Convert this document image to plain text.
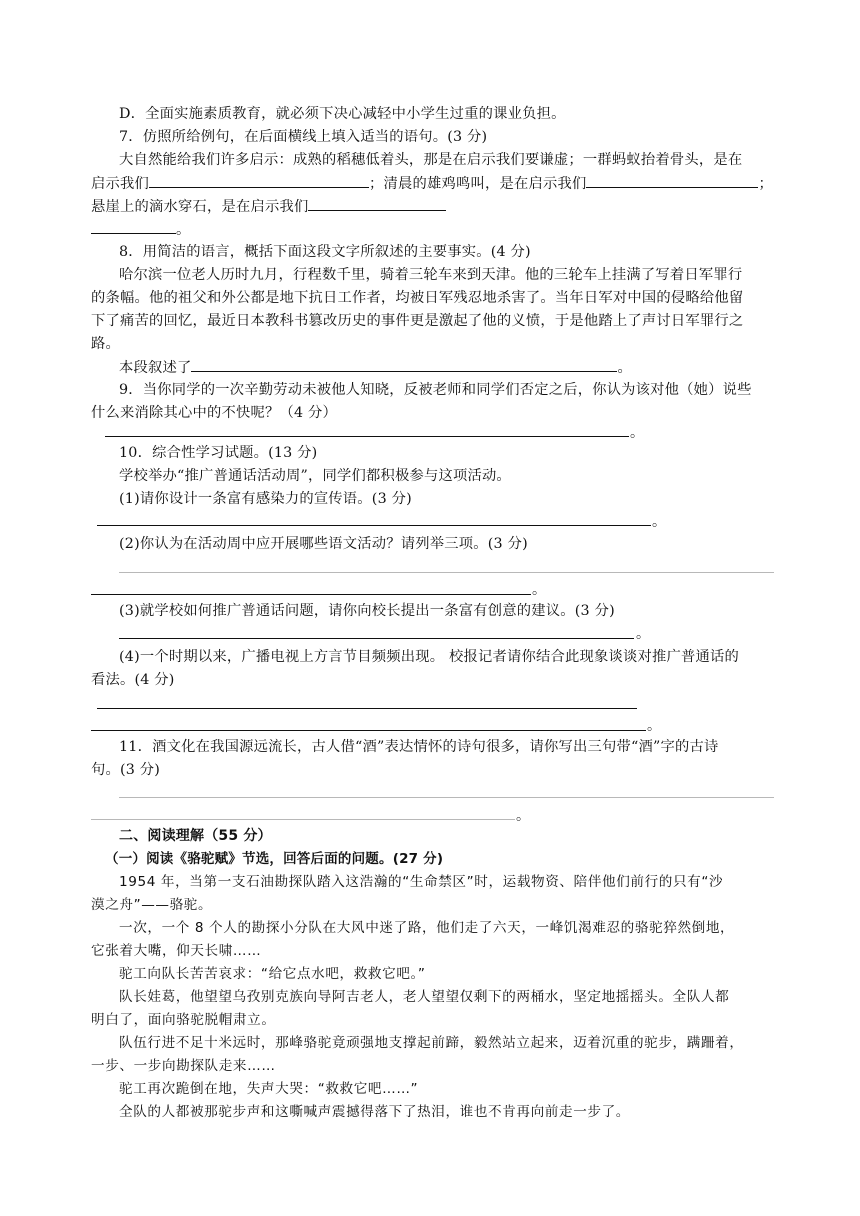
D．全面实施素质教育，就必须下决心减轻中小学生过重的课业负担。
7．仿照所给例句，在后面横线上填入适当的语句。(3 分)
大自然能给我们许多启示：成熟的稻穗低着头，那是在启示我们要谦虚；一群蚂蚁抬着骨头，是在
启示我们	；清晨的雄鸡鸣叫，是在启示我们	；
悬崖上的滴水穿石，是在启示我们
。
8．用简洁的语言，概括下面这段文字所叙述的主要事实。(4 分)
哈尔滨一位老人历时九月，行程数千里，骑着三轮车来到天津。他的三轮车上挂满了写着日军罪行
的条幅。他的祖父和外公都是地下抗日工作者，均被日军残忍地杀害了。当年日军对中国的侵略给他留
下了痛苦的回忆，最近日本教科书篡改历史的事件更是激起了他的义愤，于是他踏上了声讨日军罪行之
路。
本段叙述了	。
9．当你同学的一次辛勤劳动未被他人知晓，反被老师和同学们否定之后，你认为该对他（她）说些
什么来消除其心中的不快呢？（4 分）
。
10．综合性学习试题。(13 分)
学校举办“推广普通话活动周”，同学们都积极参与这项活动。
(1)请你设计一条富有感染力的宣传语。(3 分)
。
(2)你认为在活动周中应开展哪些语文活动？请列举三项。(3 分)
。
(3)就学校如何推广普通话问题，请你向校长提出一条富有创意的建议。(3 分)
。
(4)一个时期以来，广播电视上方言节目频频出现。 校报记者请你结合此现象谈谈对推广普通话的
看法。(4 分)
。
11．酒文化在我国源远流长，古人借“酒”表达情怀的诗句很多，请你写出三句带“酒”字的古诗
句。(3 分)
。
二、阅读理解（55 分）
（一）阅读《骆驼赋》节选，回答后面的问题。(27 分)
1954 年，当第一支石油勘探队踏入这浩瀚的“生命禁区”时，运载物资、陪伴他们前行的只有“沙
漠之舟”——骆驼。
一次，一个 8 个人的勘探小分队在大风中迷了路，他们走了六天，一峰饥渴难忍的骆驼猝然倒地，
它张着大嘴，仰天长啸……
驼工向队长苦苦哀求：“给它点水吧，救救它吧。”
队长娃葛，他望望乌孜别克族向导阿吉老人，老人望望仅剩下的两桶水，坚定地摇摇头。全队人都
明白了，面向骆驼脱帽肃立。
队伍行进不足十米远时，那峰骆驼竟顽强地支撑起前蹄，毅然站立起来，迈着沉重的驼步，蹒跚着，
一步、一步向勘探队走来……
驼工再次跪倒在地，失声大哭：“救救它吧……”
全队的人都被那驼步声和这嘶喊声震撼得落下了热泪，谁也不肯再向前走一步了。
